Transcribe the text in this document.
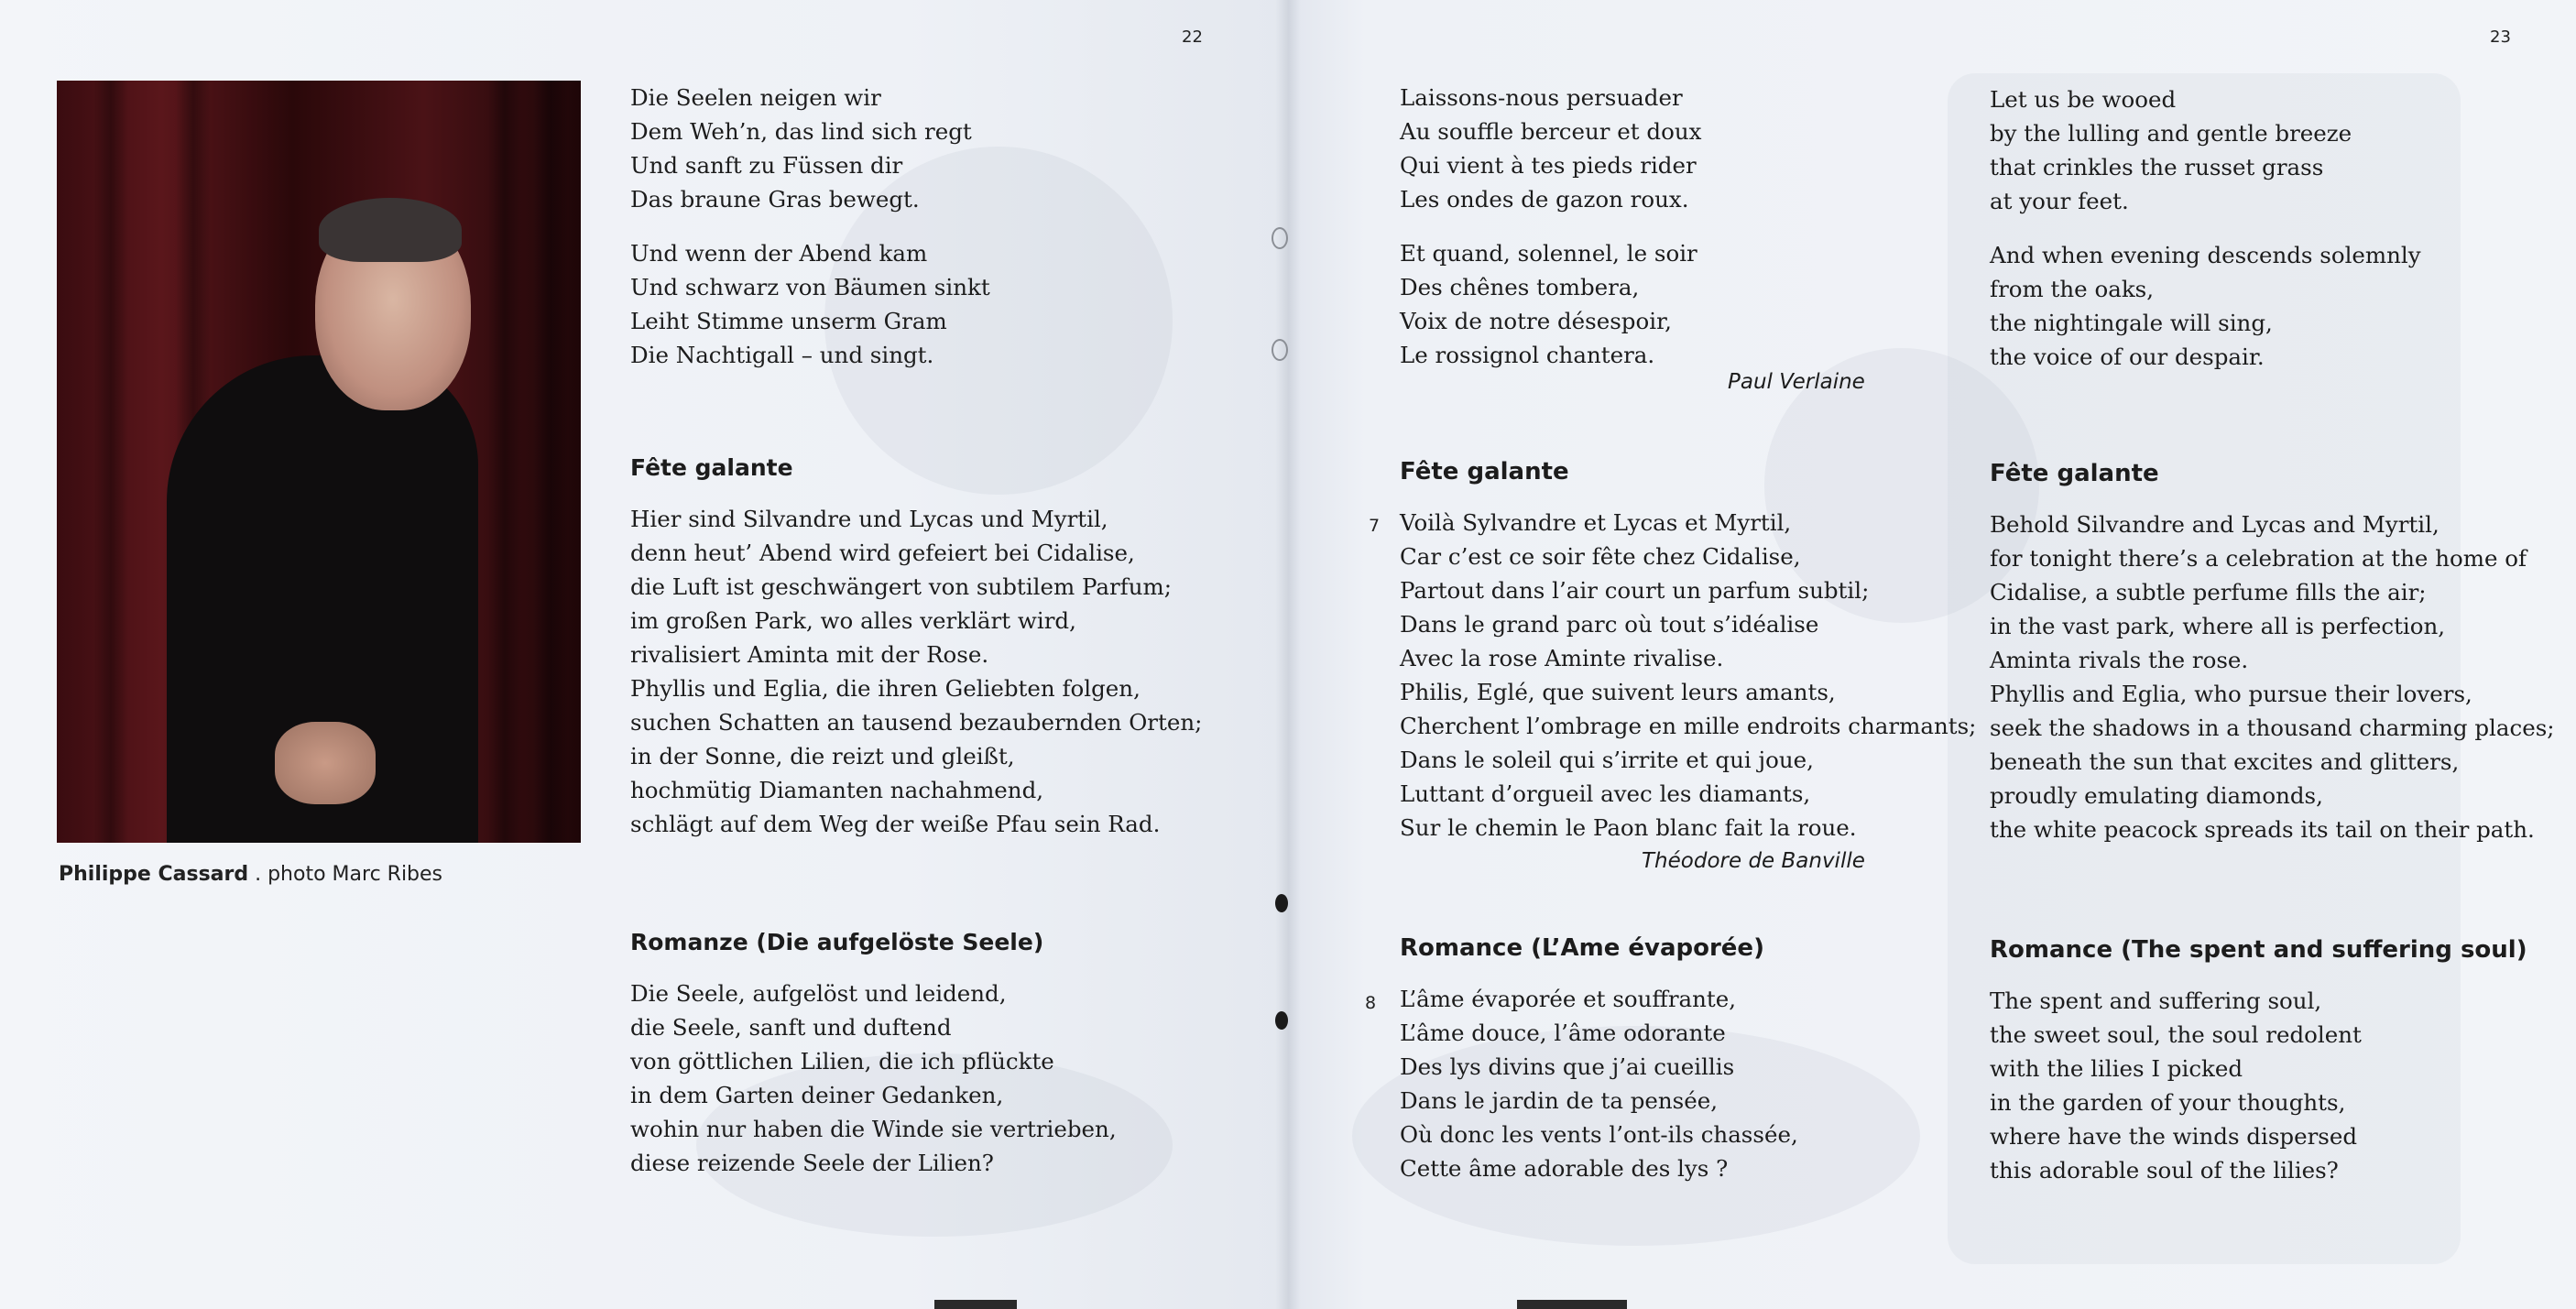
22
Philippe Cassard . photo Marc Ribes
Die Seelen neigen wir
Dem Weh’n, das lind sich regt
Und sanft zu Füssen dir
Das braune Gras bewegt.
Und wenn der Abend kam
Und schwarz von Bäumen sinkt
Leiht Stimme unserm Gram
Die Nachtigall – und singt.
Fête galante
Hier sind Silvandre und Lycas und Myrtil,
denn heut’ Abend wird gefeiert bei Cidalise,
die Luft ist geschwängert von subtilem Parfum;
im großen Park, wo alles verklärt wird,
rivalisiert Aminta mit der Rose.
Phyllis und Eglia, die ihren Geliebten folgen,
suchen Schatten an tausend bezaubernden Orten;
in der Sonne, die reizt und gleißt,
hochmütig Diamanten nachahmend,
schlägt auf dem Weg der weiße Pfau sein Rad.
Romanze (Die aufgelöste Seele)
Die Seele, aufgelöst und leidend,
die Seele, sanft und duftend
von göttlichen Lilien, die ich pflückte
in dem Garten deiner Gedanken,
wohin nur haben die Winde sie vertrieben,
diese reizende Seele der Lilien?
23
Laissons-nous persuader
Au souffle berceur et doux
Qui vient à tes pieds rider
Les ondes de gazon roux.
Et quand, solennel, le soir
Des chênes tombera,
Voix de notre désespoir,
Le rossignol chantera.
Paul Verlaine
Fête galante
Voilà Sylvandre et Lycas et Myrtil,
Car c’est ce soir fête chez Cidalise,
Partout dans l’air court un parfum subtil;
Dans le grand parc où tout s’idéalise
Avec la rose Aminte rivalise.
Philis, Eglé, que suivent leurs amants,
Cherchent l’ombrage en mille endroits charmants;
Dans le soleil qui s’irrite et qui joue,
Luttant d’orgueil avec les diamants,
Sur le chemin le Paon blanc fait la roue.
7
Théodore de Banville
Romance (L’Ame évaporée)
L’âme évaporée et souffrante,
L’âme douce, l’âme odorante
Des lys divins que j’ai cueillis
Dans le jardin de ta pensée,
Où donc les vents l’ont-ils chassée,
Cette âme adorable des lys ?
8
Let us be wooed
by the lulling and gentle breeze
that crinkles the russet grass
at your feet.
And when evening descends solemnly
from the oaks,
the nightingale will sing,
the voice of our despair.
Fête galante
Behold Silvandre and Lycas and Myrtil,
for tonight there’s a celebration at the home of
Cidalise, a subtle perfume fills the air;
in the vast park, where all is perfection,
Aminta rivals the rose.
Phyllis and Eglia, who pursue their lovers,
seek the shadows in a thousand charming places;
beneath the sun that excites and glitters,
proudly emulating diamonds,
the white peacock spreads its tail on their path.
Romance (The spent and suffering soul)
The spent and suffering soul,
the sweet soul, the soul redolent
with the lilies I picked
in the garden of your thoughts,
where have the winds dispersed
this adorable soul of the lilies?
